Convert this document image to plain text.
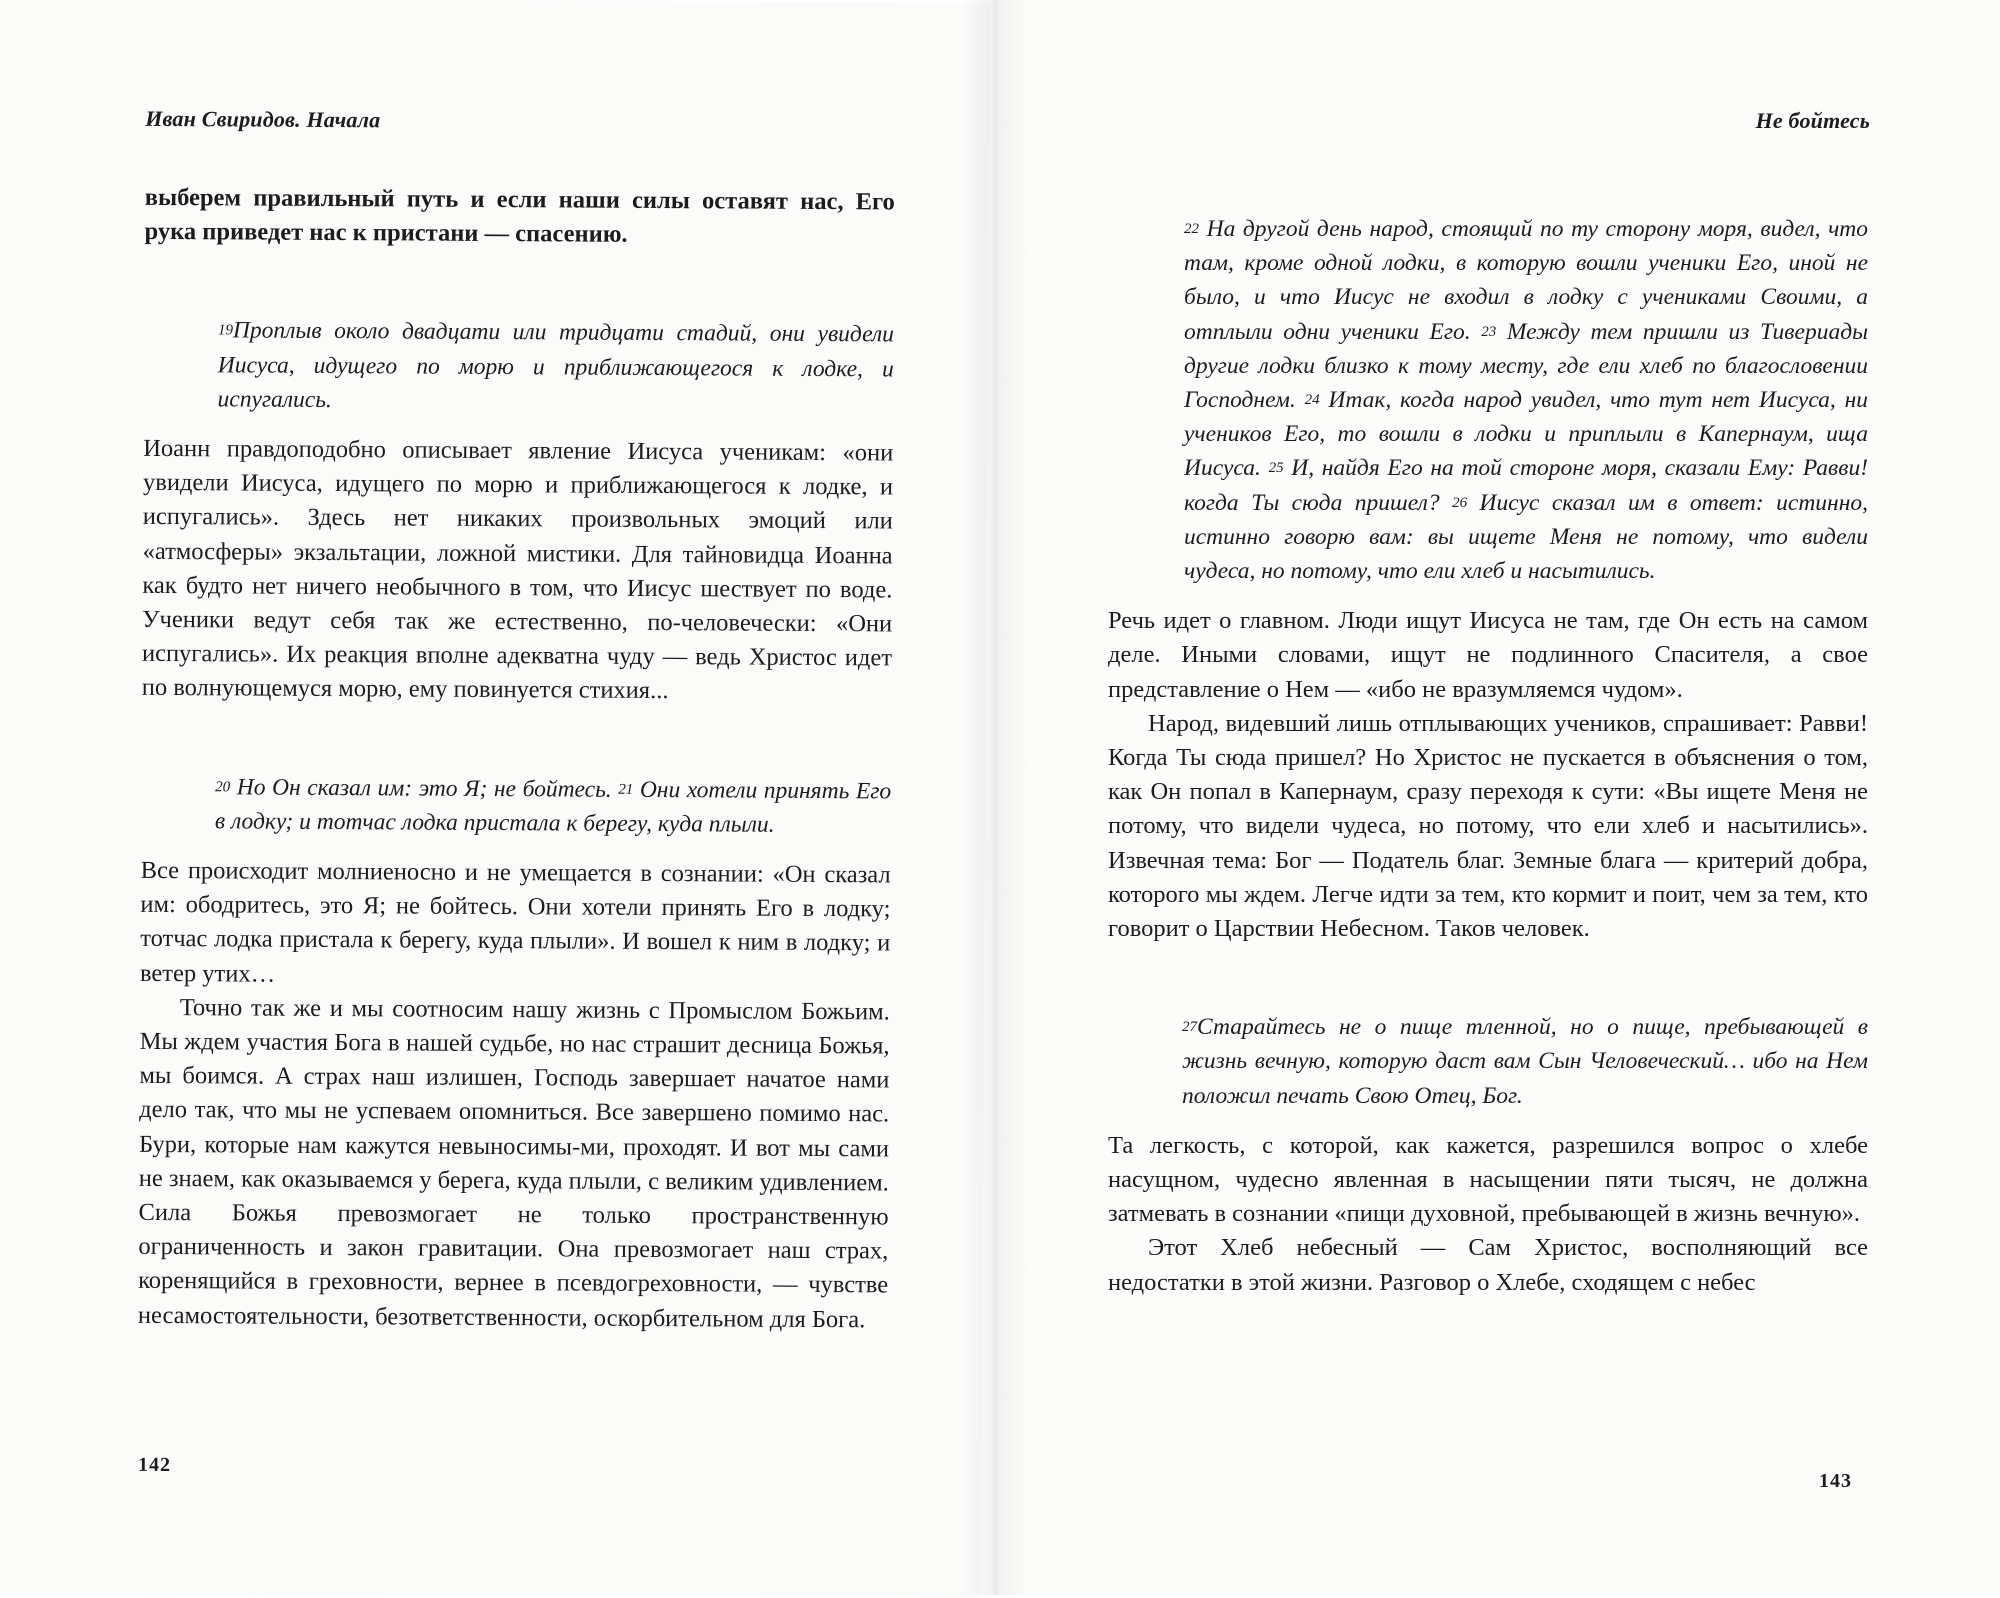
Иван Свиридов. Начала

выберем правильный путь и если наши силы оставят нас, Его рука приведет нас к пристани — спасению.

19Проплыв около двадцати или тридцати стадий, они увидели Иисуса, идущего по морю и приближающегося к лодке, и испугались.

Иоанн правдоподобно описывает явление Иисуса ученикам: «они увидели Иисуса, идущего по морю и приближающегося к лодке, и испугались». Здесь нет никаких произвольных эмоций или «атмосферы» экзальтации, ложной мистики. Для тайновидца Иоанна как будто нет ничего необычного в том, что Иисус шествует по воде. Ученики ведут себя так же естественно, по-человечески: «Они испугались». Их реакция вполне адекватна чуду — ведь Христос идет по волнующемуся морю, ему повинуется стихия...

20 Но Он сказал им: это Я; не бойтесь. 21 Они хотели принять Его в лодку; и тотчас лодка пристала к берегу, куда плыли.

Все происходит молниеносно и не умещается в сознании: «Он сказал им: ободритесь, это Я; не бойтесь. Они хотели принять Его в лодку; тотчас лодка пристала к берегу, куда плыли». И вошел к ним в лодку; и ветер утих…

Точно так же и мы соотносим нашу жизнь с Промыслом Божьим. Мы ждем участия Бога в нашей судьбе, но нас страшит десница Божья, мы боимся. А страх наш излишен, Господь завершает начатое нами дело так, что мы не успеваем опомниться. Все завершено помимо нас. Бури, которые нам кажутся невыносимы-ми, проходят. И вот мы сами не знаем, как оказываемся у берега, куда плыли, с великим удивлением. Сила Божья превозмогает не только пространственную ограниченность и закон гравитации. Она превозмогает наш страх, коренящийся в греховности, вернее в псевдогреховности, — чувстве несамостоятельности, безответственности, оскорбительном для Бога.

142
Не бойтесь

22 На другой день народ, стоящий по ту сторону моря, видел, что там, кроме одной лодки, в которую вошли ученики Его, иной не было, и что Иисус не входил в лодку с учениками Своими, а отплыли одни ученики Его. 23 Между тем пришли из Тивериады другие лодки близко к тому месту, где ели хлеб по благословении Господнем. 24 Итак, когда народ увидел, что тут нет Иисуса, ни учеников Его, то вошли в лодки и приплыли в Капернаум, ища Иисуса. 25 И, найдя Его на той стороне моря, сказали Ему: Равви! когда Ты сюда пришел? 26 Иисус сказал им в ответ: истинно, истинно говорю вам: вы ищете Меня не потому, что видели чудеса, но потому, что ели хлеб и насытились.

Речь идет о главном. Люди ищут Иисуса не там, где Он есть на самом деле. Иными словами, ищут не подлинного Спасителя, а свое представление о Нем — «ибо не вразумляемся чудом».

Народ, видевший лишь отплывающих учеников, спрашивает: Равви! Когда Ты сюда пришел? Но Христос не пускается в объяснения о том, как Он попал в Капернаум, сразу переходя к сути: «Вы ищете Меня не потому, что видели чудеса, но потому, что ели хлеб и насытились». Извечная тема: Бог — Податель благ. Земные блага — критерий добра, которого мы ждем. Легче идти за тем, кто кормит и поит, чем за тем, кто говорит о Царствии Небесном. Таков человек.

27Старайтесь не о пище тленной, но о пище, пребывающей в жизнь вечную, которую даст вам Сын Человеческий… ибо на Нем положил печать Свою Отец, Бог.

Та легкость, с которой, как кажется, разрешился вопрос о хлебе насущном, чудесно явленная в насыщении пяти тысяч, не должна затмевать в сознании «пищи духовной, пребывающей в жизнь вечную».

Этот Хлеб небесный — Сам Христос, восполняющий все недостатки в этой жизни. Разговор о Хлебе, сходящем с небес

143
